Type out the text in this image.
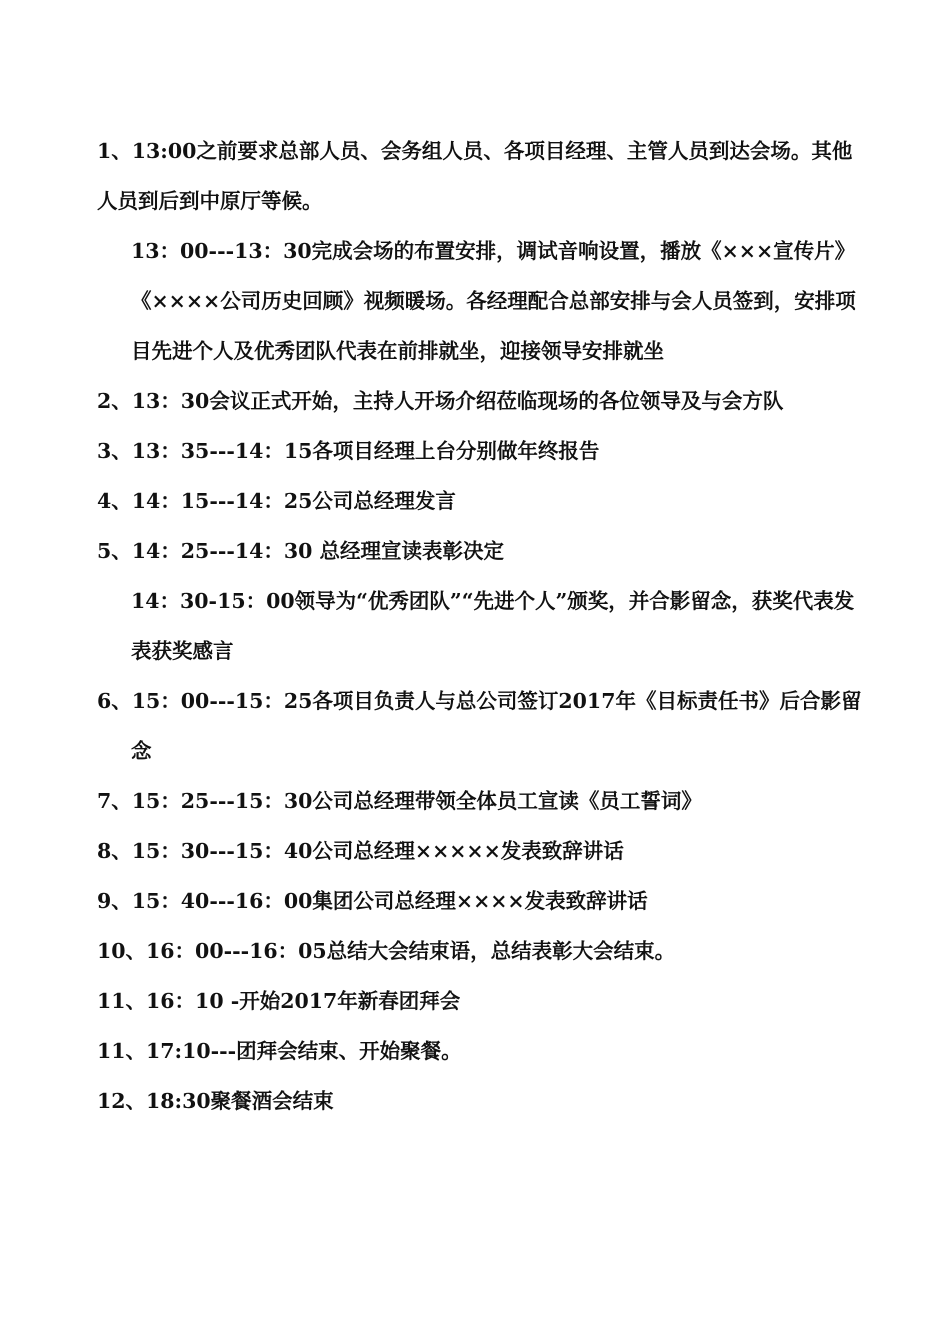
1、13:00之前要求总部人员、会务组人员、各项目经理、主管人员到达会场。其他人员到后到中原厅等候。

13：00---13：30完成会场的布置安排，调试音响设置，播放《×××宣传片》《××××公司历史回顾》视频暖场。各经理配合总部安排与会人员签到，安排项目先进个人及优秀团队代表在前排就坐，迎接领导安排就坐

2、13：30会议正式开始，主持人开场介绍莅临现场的各位领导及与会方队

3、13：35---14：15各项目经理上台分别做年终报告

4、14：15---14：25公司总经理发言

5、14：25---14：30 总经理宣读表彰决定

14：30-15：00领导为“优秀团队”“先进个人”颁奖，并合影留念，获奖代表发表获奖感言

6、15：00---15：25各项目负责人与总公司签订2017年《目标责任书》后合影留念

7、15：25---15：30公司总经理带领全体员工宣读《员工誓词》

8、15：30---15：40公司总经理×××××发表致辞讲话

9、15：40---16：00集团公司总经理××××发表致辞讲话

10、16：00---16：05总结大会结束语，总结表彰大会结束。

11、16：10 -开始2017年新春团拜会

11、17:10---团拜会结束、开始聚餐。

12、18:30聚餐酒会结束
